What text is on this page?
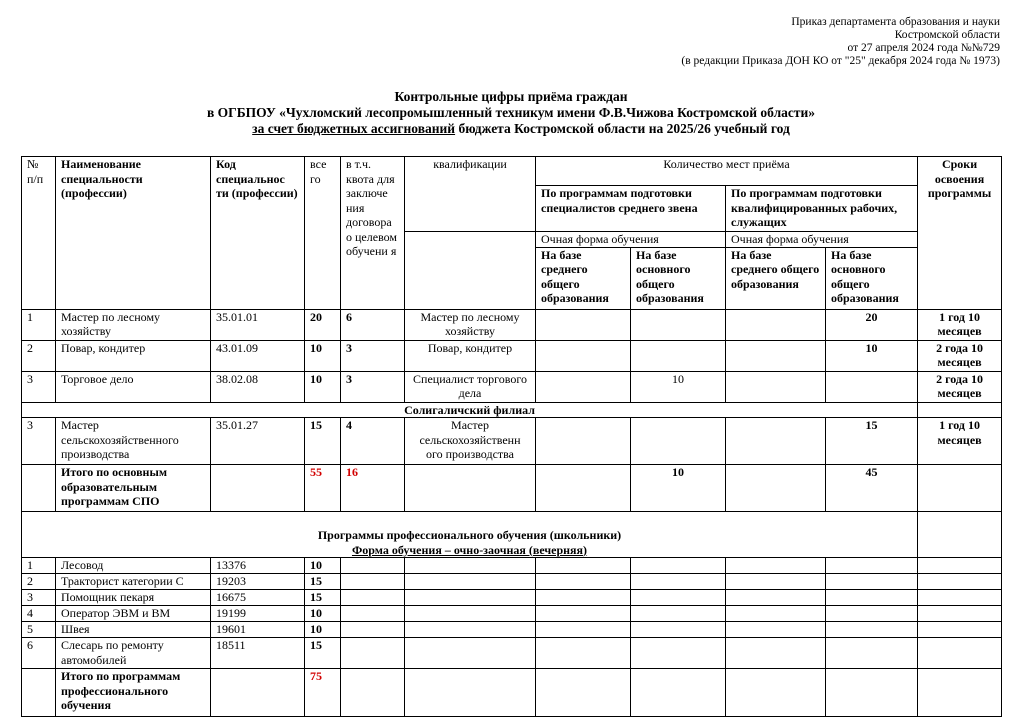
Приказ департамента образования и науки
Костромской области
от 27 апреля 2024 года №№729
(в редакции Приказа ДОН КО от "25" декабря 2024 года № 1973)
Контрольные цифры приёма граждан
в ОГБПОУ «Чухломский лесопромышленный техникум имени Ф.В.Чижова Костромской области»
за счет бюджетных ассигнований бюджета Костромской области на 2025/26 учебный год
№ п/п	Наименование специальности (профессии)	Код специальнос ти (профессии)	все го	в т.ч. квота для заключе ния договора о целевом обучени я	квалификации	Количество мест приёма				Сроки освоения программы
						По программам подготовки специалистов среднего звена		По программам подготовки квалифицированных рабочих, служащих		
						Очная форма обучения		Очная форма обучения		
						На базе среднего общего образования	На базе основного общего образования	На базе среднего общего образования	На базе основного общего образования	
1	Мастер по лесному хозяйству	35.01.01	20	6	Мастер по лесному хозяйству				20	1 год 10 месяцев
2	Повар, кондитер	43.01.09	10	3	Повар, кондитер				10	2 года 10 месяцев
3	Торговое дело	38.02.08	10	3	Специалист торгового дела		10			2 года 10 месяцев
Солигаличский филиал										
3	Мастер сельскохозяйственного производства	35.01.27	15	4	Мастер сельскохозяйственн ого производства				15	1 год 10 месяцев
	Итого по основным образовательным программам СПО		55	16			10		45	

Программы профессионального обучения (школьники)
Форма обучения – очно-заочная (вечерняя)										

1	Лесовод	13376	10							
2	Тракторист категории С	19203	15							
3	Помощник пекаря	16675	15							
4	Оператор ЭВМ и ВМ	19199	10							
5	Швея	19601	10							
6	Слесарь по ремонту автомобилей	18511	15							
	Итого по программам профессионального обучения		75							
